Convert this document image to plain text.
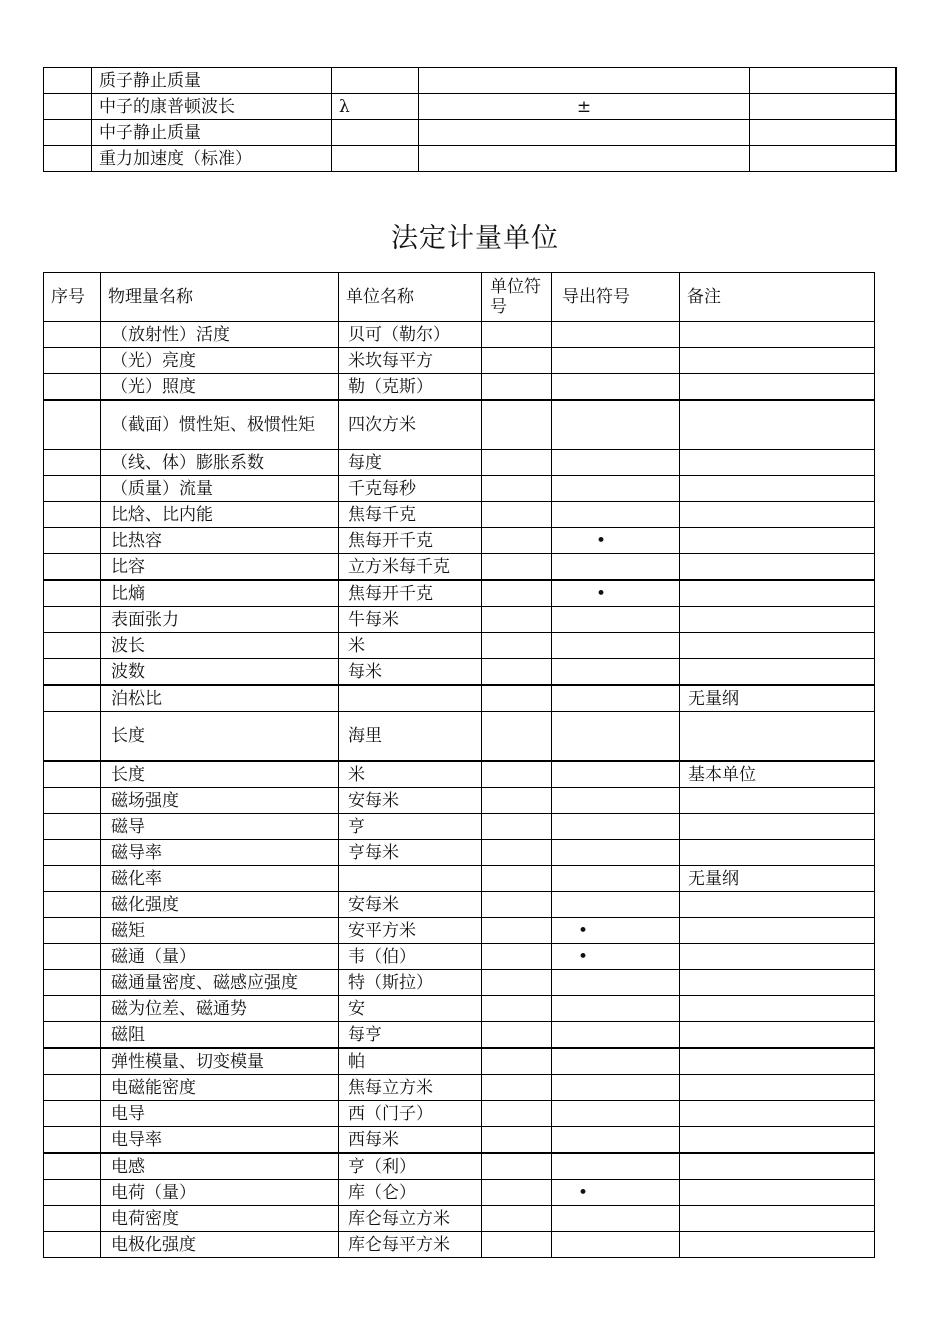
	质子静止质量			
	中子的康普顿波长	λ	±	
	中子静止质量			
	重力加速度（标准）			
法定计量单位
序号	物理量名称	单位名称	单位符号	导出符号	备注
	（放射性）活度	贝可（勒尔）			
	（光）亮度	米坎每平方			
	（光）照度	勒（克斯）			
	（截面）惯性矩、极惯性矩	四次方米			
	（线、体）膨胀系数	每度			
	（质量）流量	千克每秒			
	比焓、比内能	焦每千克			
	比热容	焦每开千克		•	
	比容	立方米每千克			
	比熵	焦每开千克		•	
	表面张力	牛每米			
	波长	米			
	波数	每米			
	泊松比				无量纲
	长度	海里			
	长度	米			基本单位
	磁场强度	安每米			
	磁导	亨			
	磁导率	亨每米			
	磁化率				无量纲
	磁化强度	安每米			
	磁矩	安平方米		•	
	磁通（量）	韦（伯）		•	
	磁通量密度、磁感应强度	特（斯拉）			
	磁为位差、磁通势	安			
	磁阻	每亨			
	弹性模量、切变模量	帕			
	电磁能密度	焦每立方米			
	电导	西（门子）			
	电导率	西每米			
	电感	亨（利）			
	电荷（量）	库（仑）		•	
	电荷密度	库仑每立方米			
	电极化强度	库仑每平方米			
